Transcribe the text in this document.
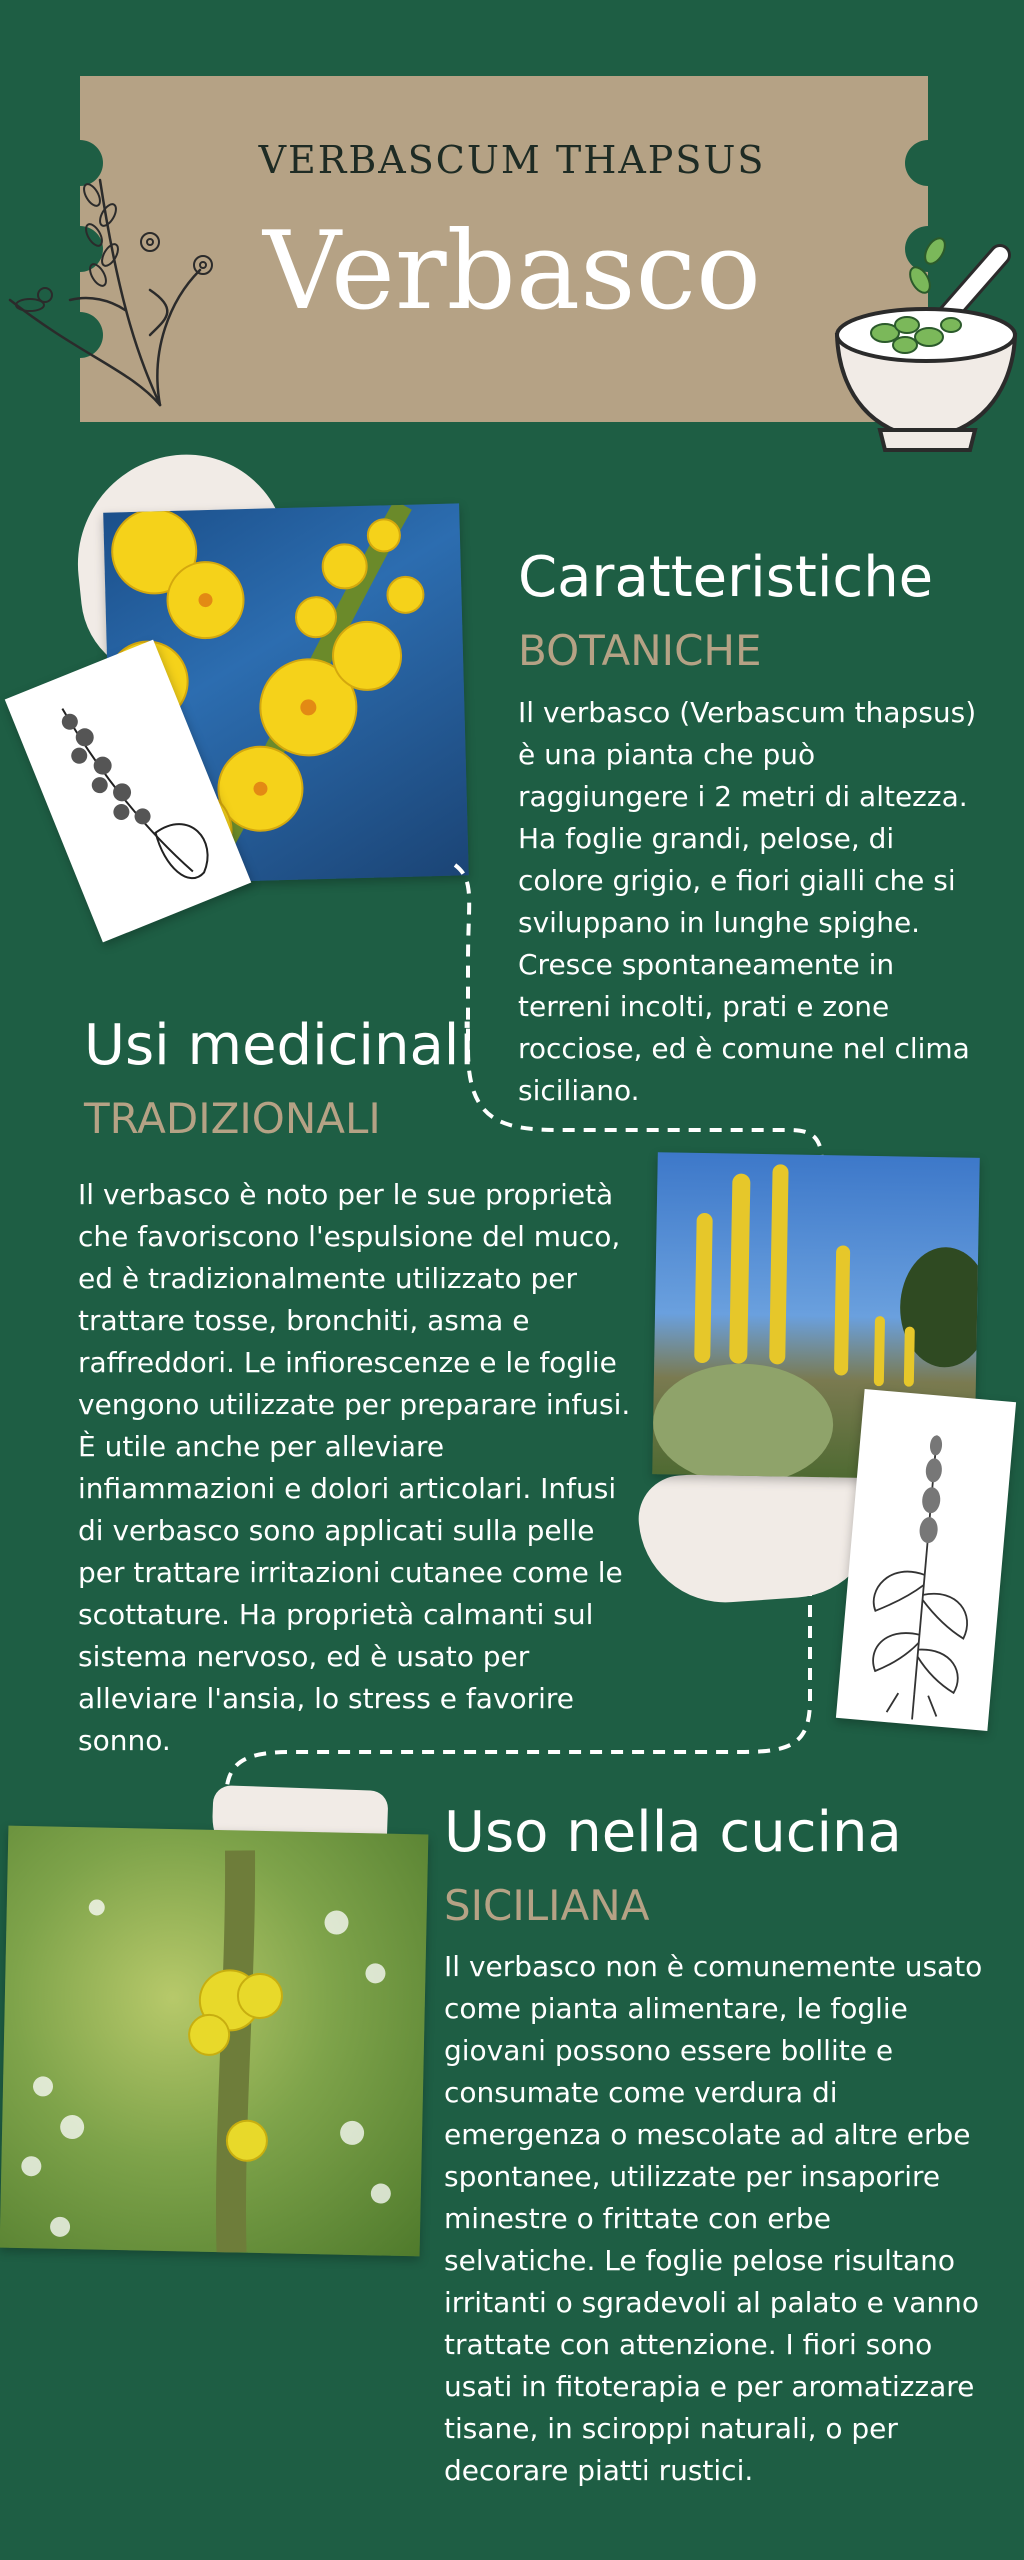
VERBASCUM THAPSUS
Verbasco
Caratteristiche
BOTANICHE
Il verbasco (Verbascum thapsus) è una pianta che può raggiungere i 2 metri di altezza. Ha foglie grandi, pelose, di colore grigio, e fiori gialli che si sviluppano in lunghe spighe. Cresce spontaneamente in terreni incolti, prati e zone rocciose, ed è comune nel clima siciliano.
Usi medicinali
TRADIZIONALI
Il verbasco è noto per le sue proprietà che favoriscono l'espulsione del muco, ed è tradizionalmente utilizzato per trattare tosse, bronchiti, asma e raffreddori. Le infiorescenze e le foglie vengono utilizzate per preparare infusi. È utile anche per alleviare infiammazioni e dolori articolari. Infusi di verbasco sono applicati sulla pelle per trattare irritazioni cutanee come le scottature. Ha proprietà calmanti sul sistema nervoso, ed è usato per alleviare l'ansia, lo stress e favorire sonno.
Uso nella cucina
SICILIANA
Il verbasco non è comunemente usato come pianta alimentare, le foglie giovani possono essere bollite e consumate come verdura di emergenza o mescolate ad altre erbe spontanee, utilizzate per insaporire minestre o frittate con erbe selvatiche. Le foglie pelose risultano irritanti o sgradevoli al palato e vanno trattate con attenzione. I fiori sono usati in fitoterapia e per aromatizzare tisane, in sciroppi naturali, o per decorare piatti rustici.
